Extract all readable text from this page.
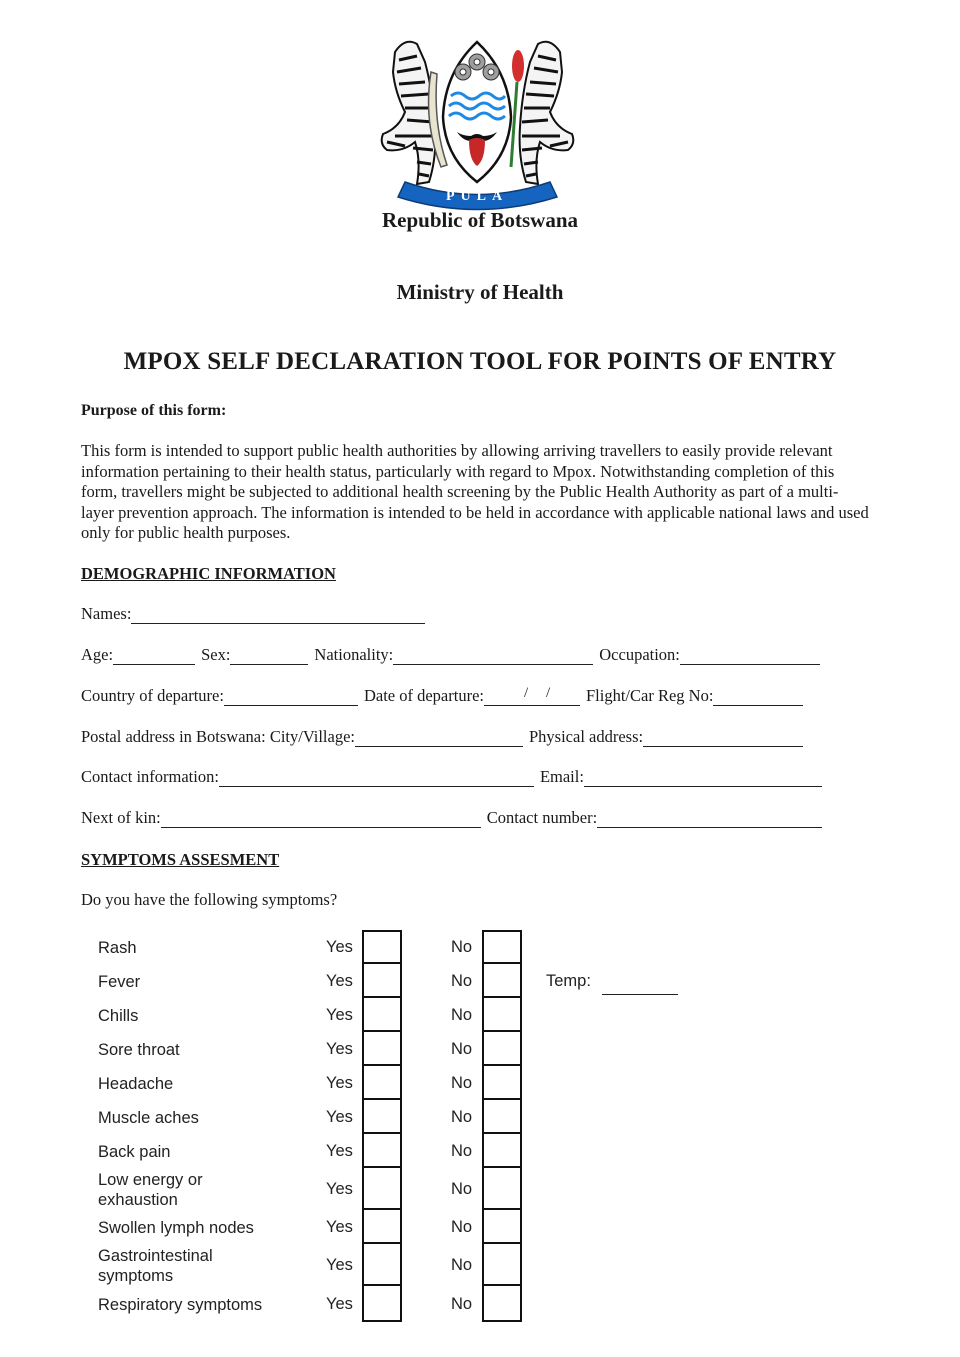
PULA
Republic of Botswana
Ministry of Health
MPOX SELF DECLARATION TOOL FOR POINTS OF ENTRY
Purpose of this form:
This form is intended to support public health authorities by allowing arriving travellers to easily provide relevant information pertaining to their health status, particularly with regard to Mpox. Notwithstanding completion of this form, travellers might be subjected to additional health screening by the Public Health Authority as part of a multi-layer prevention approach. The information is intended to be held in accordance with applicable national laws and used only for public health purposes.
DEMOGRAPHIC INFORMATION
Names:
Age:	Sex:	Nationality:	Occupation:
Country of departure:	Date of departure:	/ / Flight/Car Reg No:
Postal address in Botswana: City/Village:	Physical address:
Contact information:	Email:
Next of kin:	Contact number:
SYMPTOMS ASSESMENT
Do you have the following symptoms?
Rash	Yes	No
Fever	Yes	No	Temp:
Chills	Yes	No
Sore throat	Yes	No
Headache	Yes	No
Muscle aches	Yes	No
Back pain	Yes	No
Low energy or
exhaustion
Yes	No
Swollen lymph nodes	Yes	No
Gastrointestinal
symptoms
Yes	No
Respiratory symptoms	Yes	No
